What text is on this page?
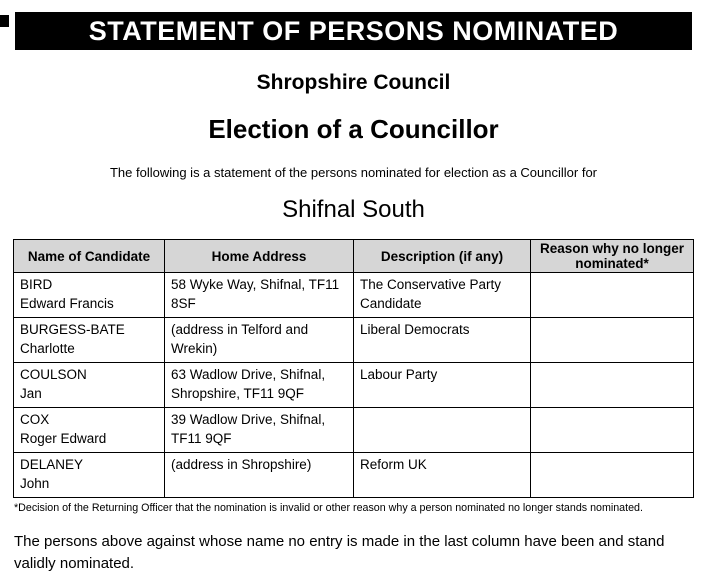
STATEMENT OF PERSONS NOMINATED
Shropshire Council
Election of a Councillor
The following is a statement of the persons nominated for election as a Councillor for
Shifnal South
Name of Candidate	Home Address	Description (if any)	Reason why no longer nominated*

BIRD
Edward Francis	58 Wyke Way, Shifnal, TF11 8SF	The Conservative Party Candidate	

BURGESS-BATE
Charlotte	(address in Telford and Wrekin)	Liberal Democrats	

COULSON
Jan	63 Wadlow Drive, Shifnal, Shropshire, TF11 9QF	Labour Party	

COX
Roger Edward	39 Wadlow Drive, Shifnal, TF11 9QF		

DELANEY
John	(address in Shropshire)	Reform UK	
*Decision of the Returning Officer that the nomination is invalid or other reason why a person nominated no longer stands nominated.
The persons above against whose name no entry is made in the last column have been and stand validly nominated.
